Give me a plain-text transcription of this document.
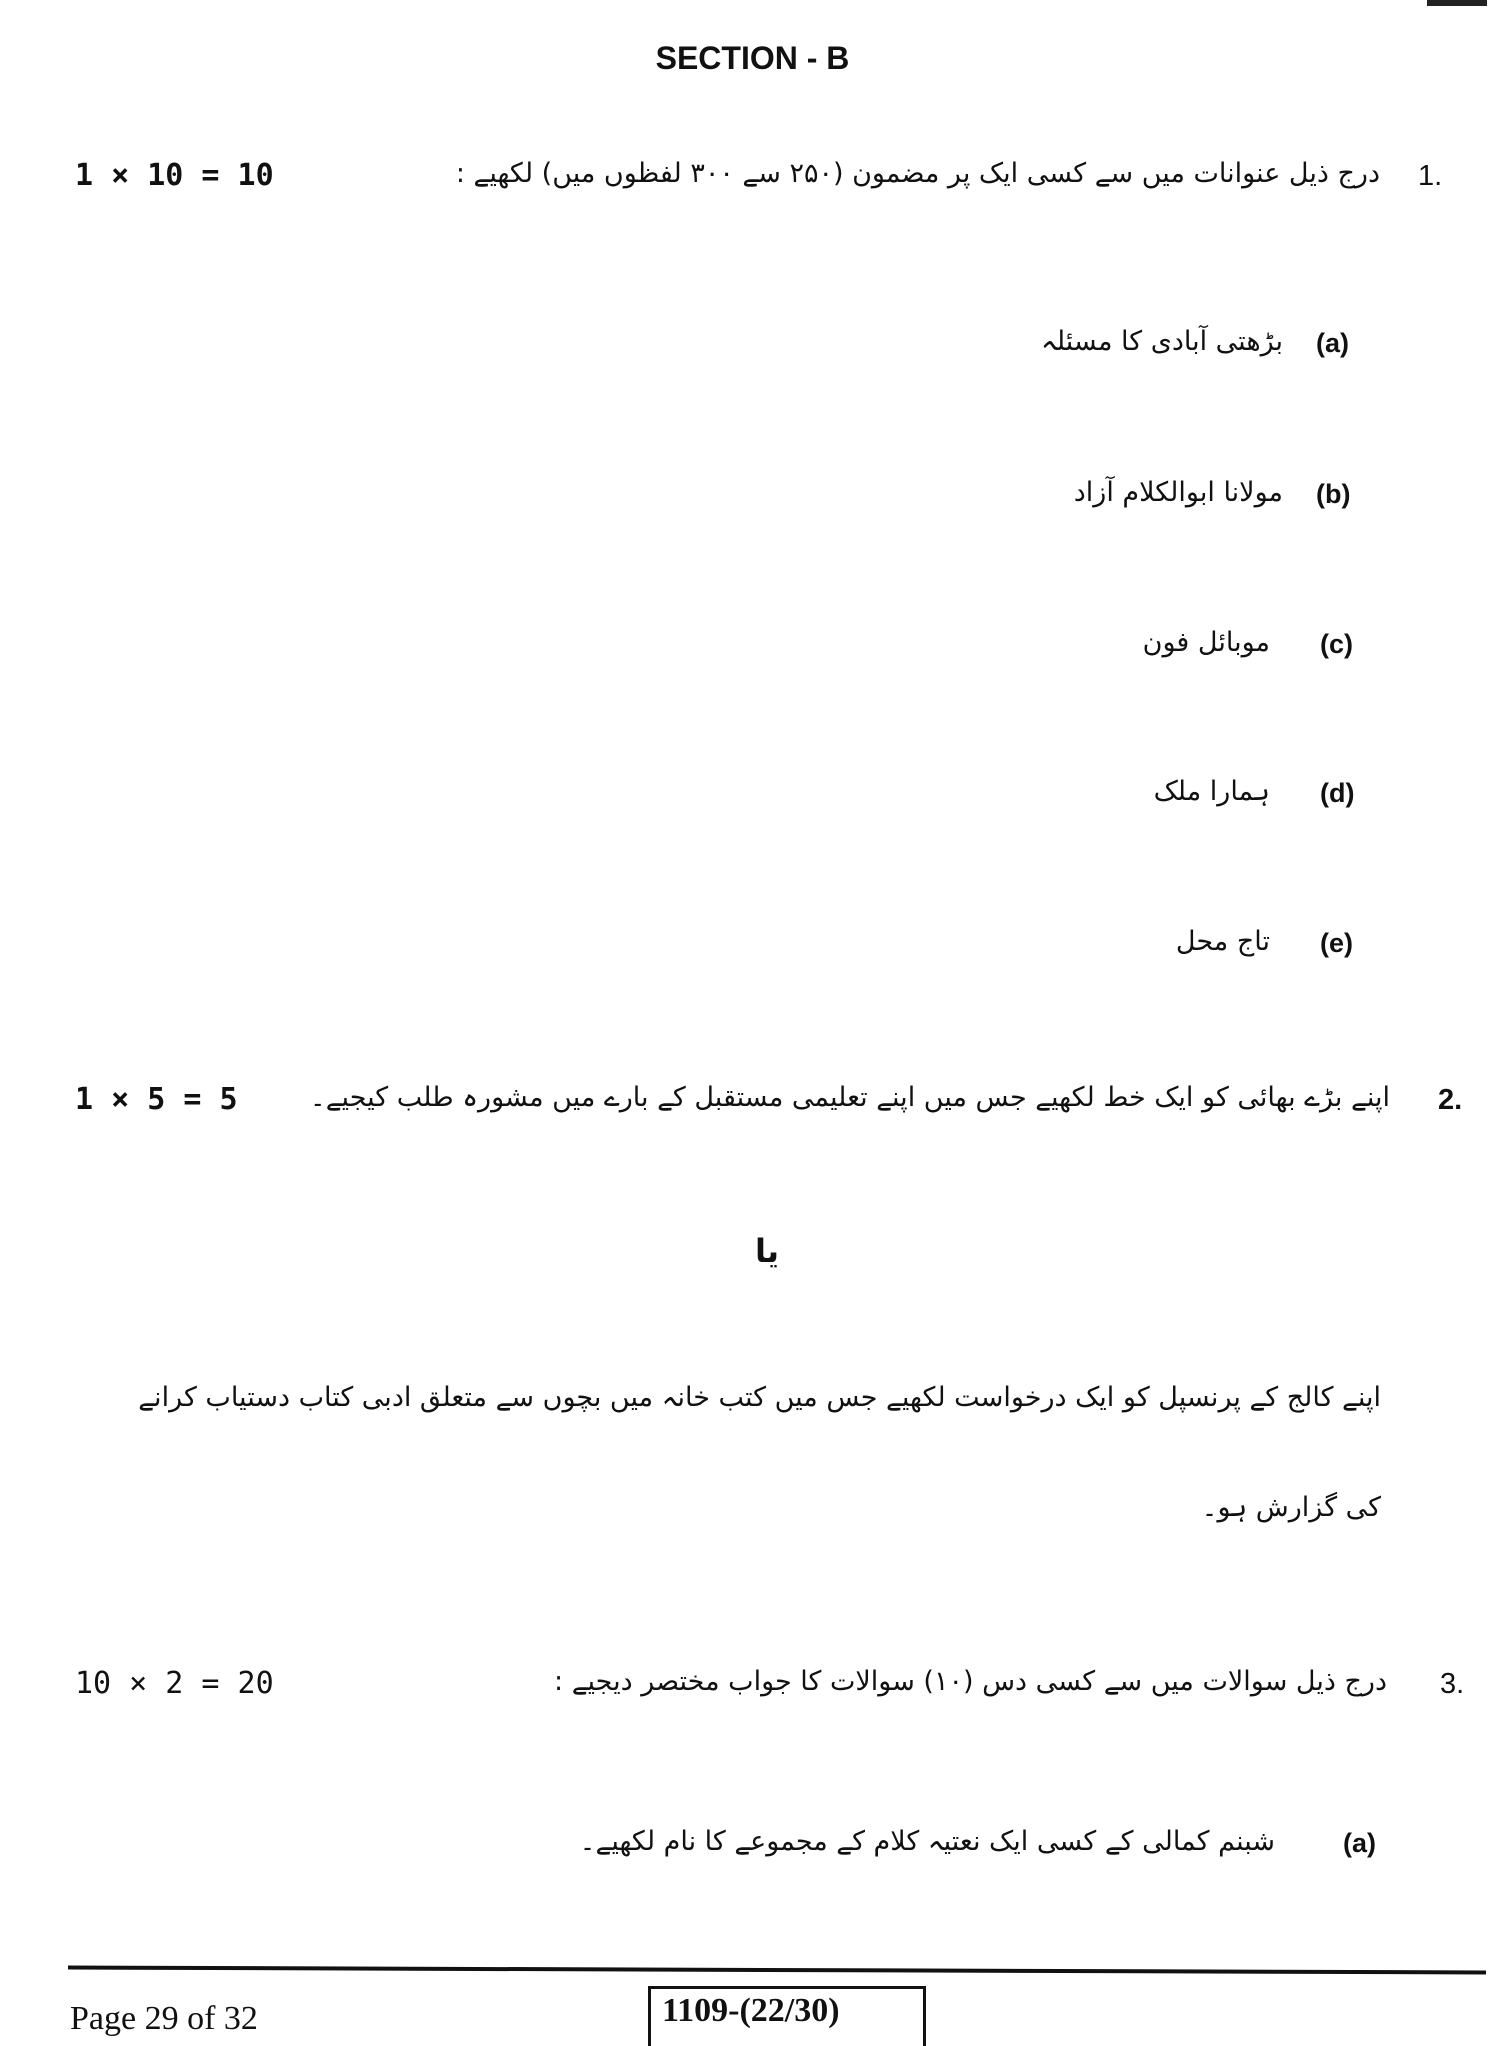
SECTION - B
1.
درج ذیل عنوانات میں سے کسی ایک پر مضمون (۲۵۰ سے ۳۰۰ لفظوں میں) لکھیے :
1 × 10 = 10
(a)
بڑھتی آبادی کا مسئلہ
(b)
مولانا ابوالکلام آزاد
(c)
موبائل فون
(d)
ہمارا ملک
(e)
تاج محل
2.
اپنے بڑے بھائی کو ایک خط لکھیے جس میں اپنے تعلیمی مستقبل کے بارے میں مشورہ طلب کیجیے۔
1 × 5 = 5
یا
اپنے کالج کے پرنسپل کو ایک درخواست لکھیے جس میں کتب خانہ میں بچوں سے متعلق ادبی کتاب دستیاب کرانے
کی گزارش ہو۔
3.
درج ذیل سوالات میں سے کسی دس (۱۰) سوالات کا جواب مختصر دیجیے :
10 × 2 = 20
(a)
شبنم کمالی کے کسی ایک نعتیہ کلام کے مجموعے کا نام لکھیے۔
Page 29 of 32	1109-(22/30)
